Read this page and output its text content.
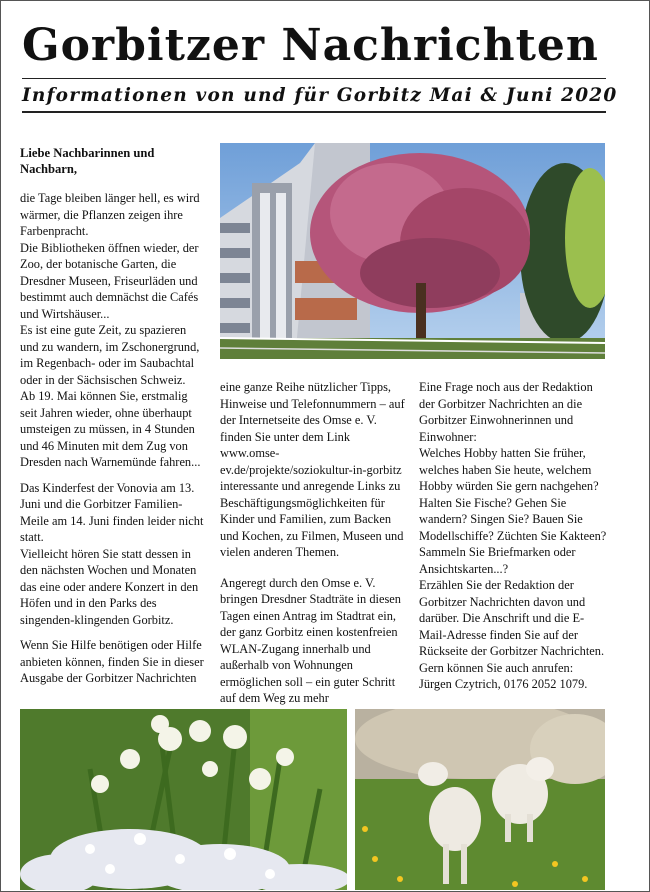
Gorbitzer Nachrichten
Informationen von und für Gorbitz Mai & Juni 2020

Liebe Nachbarinnen und Nachbarn,

die Tage bleiben länger hell, es wird wärmer, die Pflanzen zeigen ihre Farbenpracht.

Die Bibliotheken öffnen wieder, der Zoo, der botanische Garten, die Dresdner Museen, Friseurläden und bestimmt auch demnächst die Cafés und Wirtshäuser...

Es ist eine gute Zeit, zu spazieren und zu wandern, im Zschonergrund, im Regenbach- oder im Saubachtal oder in der Sächsischen Schweiz.

Ab 19. Mai können Sie, erstmalig seit Jahren wieder, ohne überhaupt umsteigen zu müssen, in 4 Stunden und 46 Minuten mit dem Zug von Dresden nach Warnemünde fahren...

Das Kinderfest der Vonovia am 13. Juni und die Gorbitzer Familien-Meile am 14. Juni finden leider nicht statt.

Vielleicht hören Sie statt dessen in den nächsten Wochen und Monaten das eine oder andere Konzert in den Höfen und in den Parks des singenden-klingenden Gorbitz.

Wenn Sie Hilfe benötigen oder Hilfe anbieten können, finden Sie in dieser Ausgabe der Gorbitzer Nachrichten

eine ganze Reihe nützlicher Tipps, Hinweise und Telefonnummern – auf der Internetseite des Omse e. V. finden Sie unter dem Link www.omse-ev.de/projekte/soziokultur-in-gorbitz interessante und anregende Links zu Beschäftigungsmöglichkeiten für Kinder und Familien, zum Backen und Kochen, zu Filmen, Museen und vielen anderen Themen.

Angeregt durch den Omse e. V. bringen Dresdner Stadträte in diesen Tagen einen Antrag im Stadtrat ein, der ganz Gorbitz einen kostenfreien WLAN-Zugang innerhalb und außerhalb von Wohnungen ermöglichen soll – ein guter Schritt auf dem Weg zu mehr

Eine Frage noch aus der Redaktion der Gorbitzer Nachrichten an die Gorbitzer Einwohnerinnen und Einwohner:

Welches Hobby hatten Sie früher, welches haben Sie heute, welchem Hobby würden Sie gern nachgehen? Halten Sie Fische? Gehen Sie wandern? Singen Sie? Bauen Sie Modellschiffe? Züchten Sie Kakteen? Sammeln Sie Briefmarken oder Ansichtskarten...?

Erzählen Sie der Redaktion der Gorbitzer Nachrichten davon und darüber. Die Anschrift und die E-Mail-Adresse finden Sie auf der Rückseite der Gorbitzer Nachrichten. Gern können Sie auch anrufen:

Jürgen Czytrich, 0176 2052 1079.
